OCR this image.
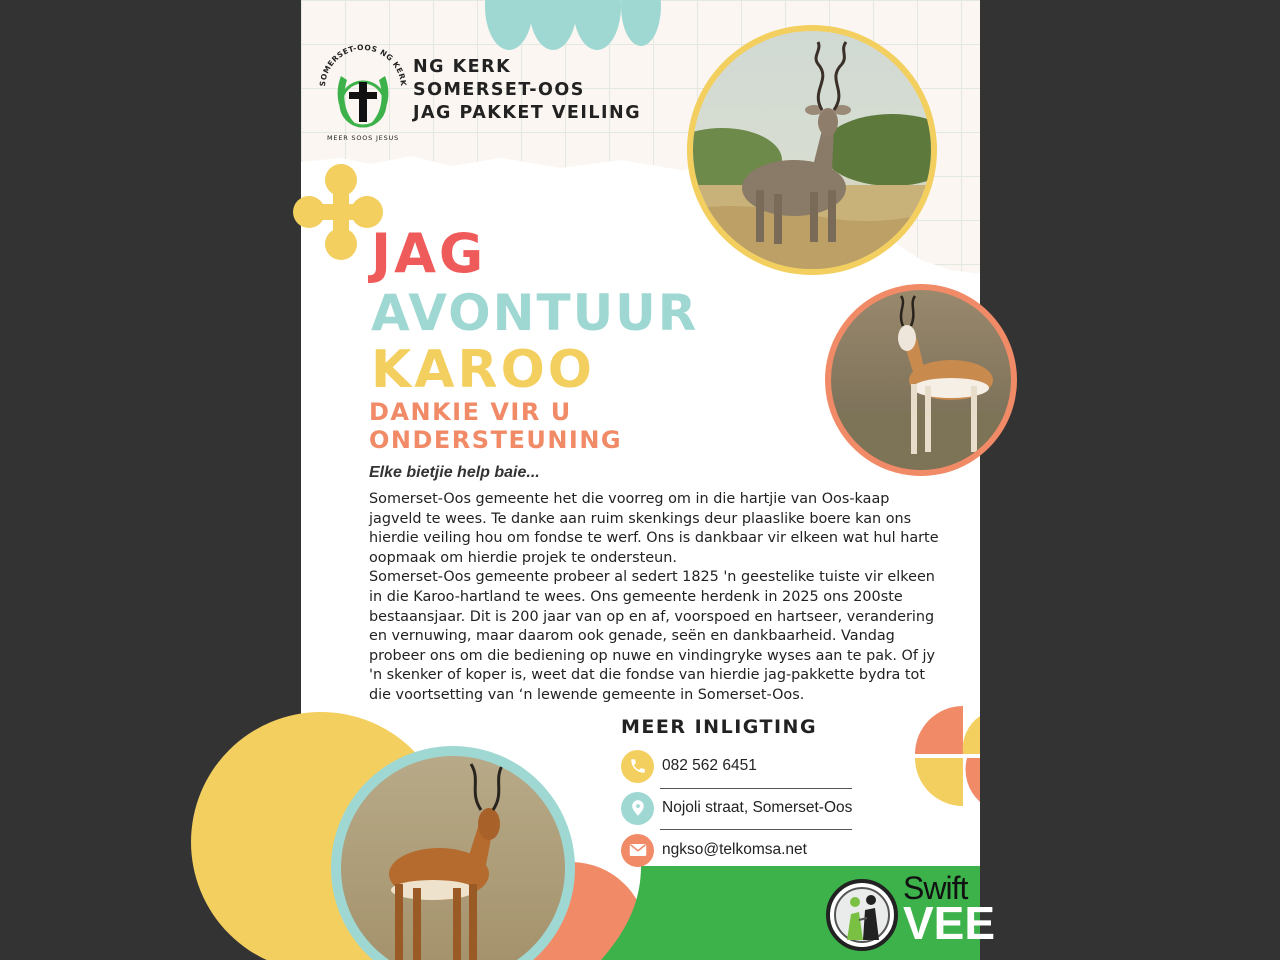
SOMERSET-OOS NG KERK
MEER SOOS JESUS
NG KERK
SOMERSET-OOS
JAG PAKKET VEILING
JAG
AVONTUUR
KAROO
DANKIE VIR U
ONDERSTEUNING
Elke bietjie help baie...

Somerset-Oos gemeente het die voorreg om in die hartjie van Oos-kaap jagveld te wees. Te danke aan ruim skenkings deur plaaslike boere kan ons hierdie veiling hou om fondse te werf. Ons is dankbaar vir elkeen wat hul harte oopmaak om hierdie projek te ondersteun.

Somerset-Oos gemeente probeer al sedert 1825 'n geestelike tuiste vir elkeen in die Karoo-hartland te wees. Ons gemeente herdenk in 2025 ons 200ste bestaansjaar. Dit is 200 jaar van op en af, voorspoed en hartseer, verandering en vernuwing, maar daarom ook genade, seën en dankbaarheid. Vandag probeer ons om die bediening op nuwe en vindingryke wyses aan te pak. Of jy 'n skenker of koper is, weet dat die fondse van hierdie jag-pakkette bydra tot die voortsetting van ‘n lewende gemeente in Somerset-Oos.

MEER INLIGTING
082 562 6451
Nojoli straat, Somerset-Oos
ngkso@telkomsa.net
Swift
VEE
